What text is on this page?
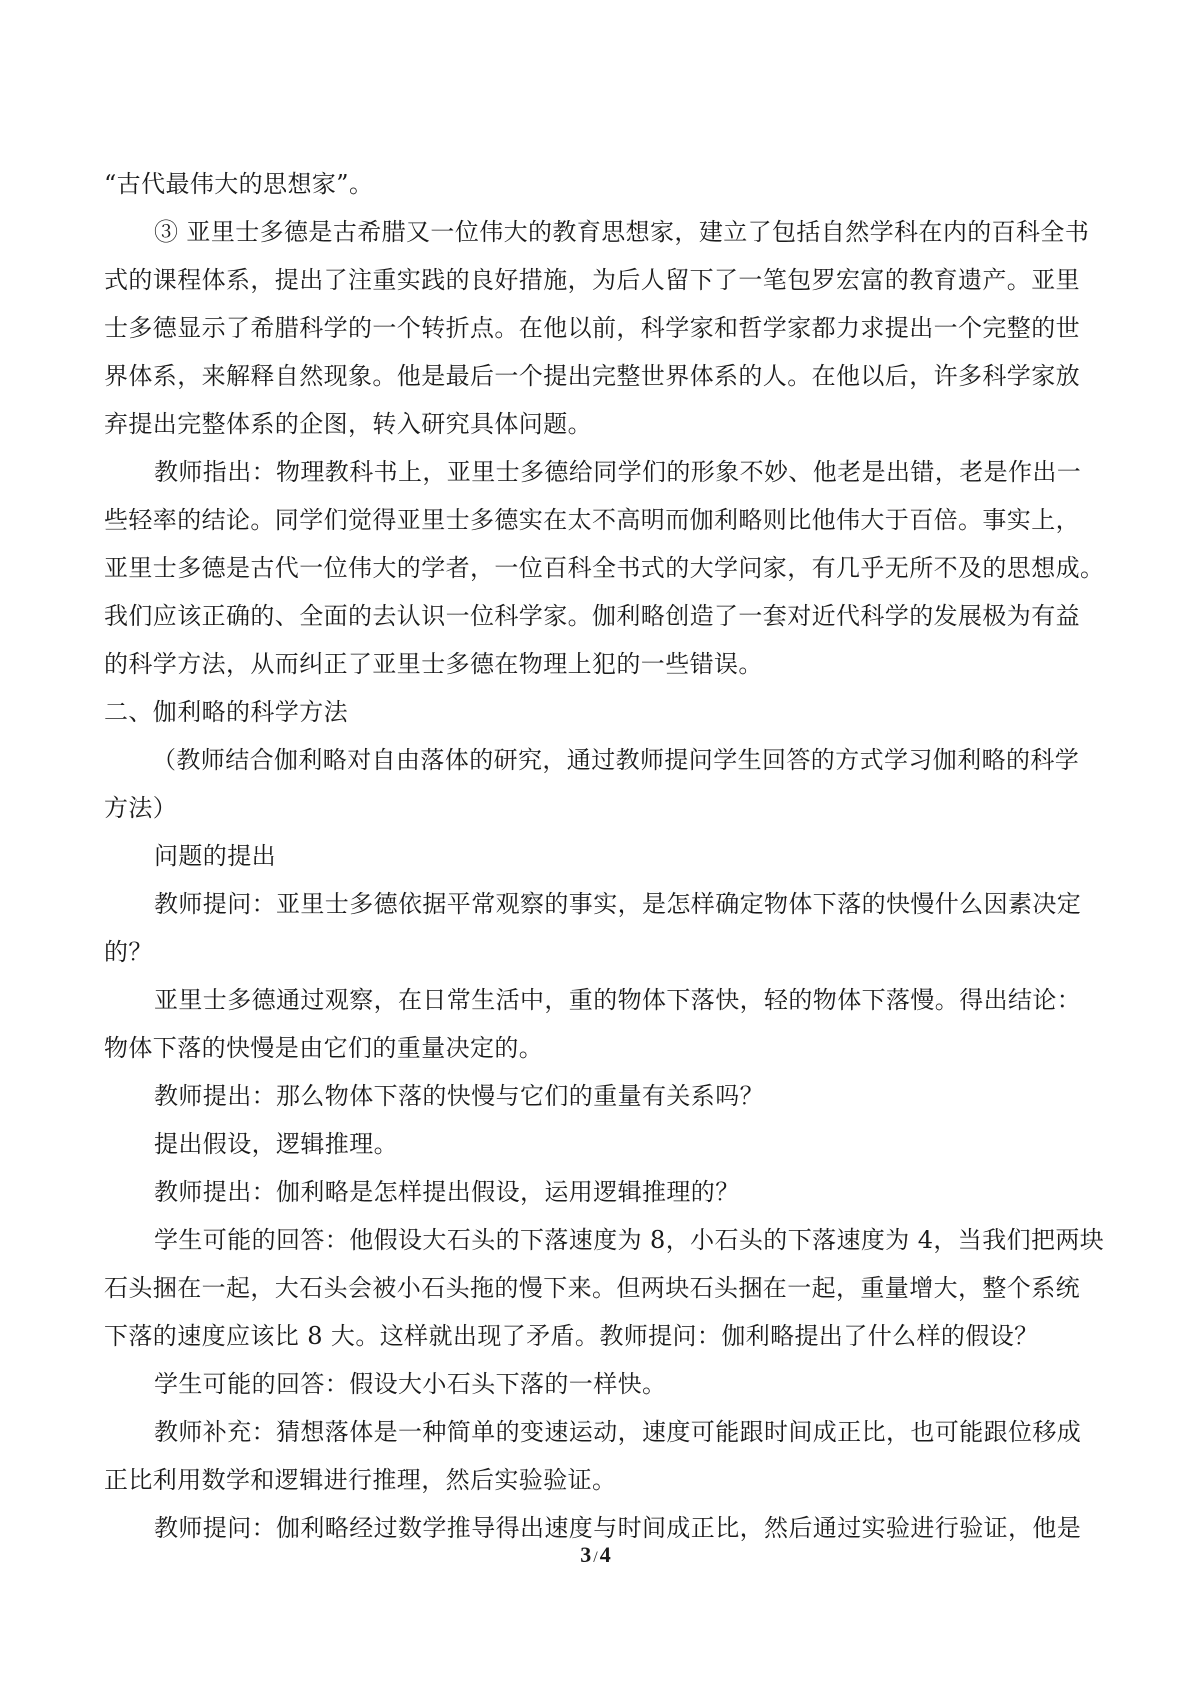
“古代最伟大的思想家”。
③ 亚里士多德是古希腊又一位伟大的教育思想家，建立了包括自然学科在内的百科全书
式的课程体系，提出了注重实践的良好措施，为后人留下了一笔包罗宏富的教育遗产。亚里
士多德显示了希腊科学的一个转折点。在他以前，科学家和哲学家都力求提出一个完整的世
界体系，来解释自然现象。他是最后一个提出完整世界体系的人。在他以后，许多科学家放
弃提出完整体系的企图，转入研究具体问题。
教师指出：物理教科书上，亚里士多德给同学们的形象不妙、他老是出错，老是作出一
些轻率的结论。同学们觉得亚里士多德实在太不高明而伽利略则比他伟大于百倍。事实上，
亚里士多德是古代一位伟大的学者，一位百科全书式的大学问家，有几乎无所不及的思想成。
我们应该正确的、全面的去认识一位科学家。伽利略创造了一套对近代科学的发展极为有益
的科学方法，从而纠正了亚里士多德在物理上犯的一些错误。
二、伽利略的科学方法
（教师结合伽利略对自由落体的研究，通过教师提问学生回答的方式学习伽利略的科学
方法）
问题的提出
教师提问：亚里士多德依据平常观察的事实，是怎样确定物体下落的快慢什么因素决定
的？
亚里士多德通过观察，在日常生活中，重的物体下落快，轻的物体下落慢。得出结论：
物体下落的快慢是由它们的重量决定的。
教师提出：那么物体下落的快慢与它们的重量有关系吗？
提出假设，逻辑推理。
教师提出：伽利略是怎样提出假设，运用逻辑推理的？
学生可能的回答：他假设大石头的下落速度为 8，小石头的下落速度为 4，当我们把两块
石头捆在一起，大石头会被小石头拖的慢下来。但两块石头捆在一起，重量增大，整个系统
下落的速度应该比 8 大。这样就出现了矛盾。教师提问：伽利略提出了什么样的假设？
学生可能的回答：假设大小石头下落的一样快。
教师补充：猜想落体是一种简单的变速运动，速度可能跟时间成正比，也可能跟位移成
正比利用数学和逻辑进行推理，然后实验验证。
教师提问：伽利略经过数学推导得出速度与时间成正比，然后通过实验进行验证，他是
3 /4
